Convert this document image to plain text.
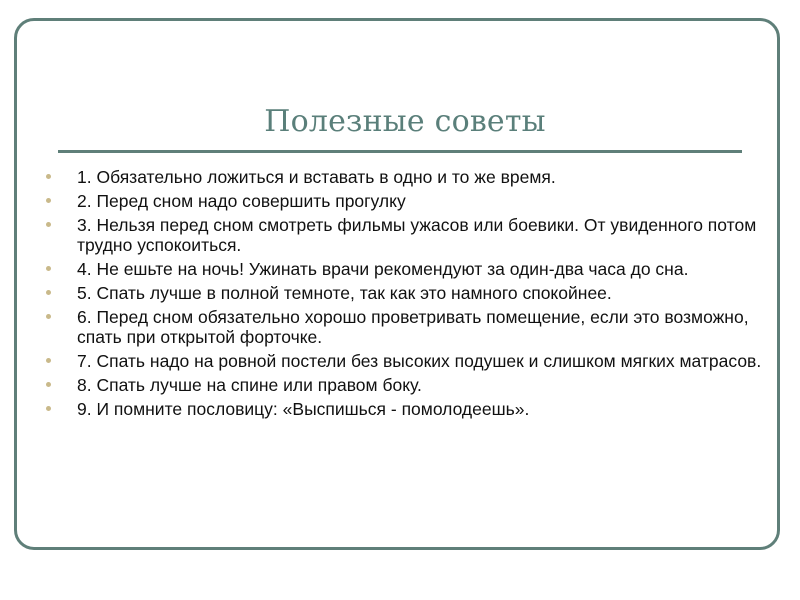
Полезные советы
1. Обязательно ложиться и вставать в одно и то же время.
2. Перед сном надо совершить прогулку
3. Нельзя перед сном смотреть фильмы ужасов или боевики. От увиденного потом трудно успокоиться.
4. Не ешьте на ночь! Ужинать врачи рекомендуют за один-два часа до сна.
5. Спать лучше в полной темноте, так как это намного спокойнее.
6. Перед сном обязательно хорошо проветривать помещение, если это возможно, спать при открытой форточке.
7. Спать надо на ровной постели без высоких подушек и слишком мягких матрасов.
8. Спать лучше на спине или правом боку.
9. И помните пословицу: «Выспишься - помолодеешь».
